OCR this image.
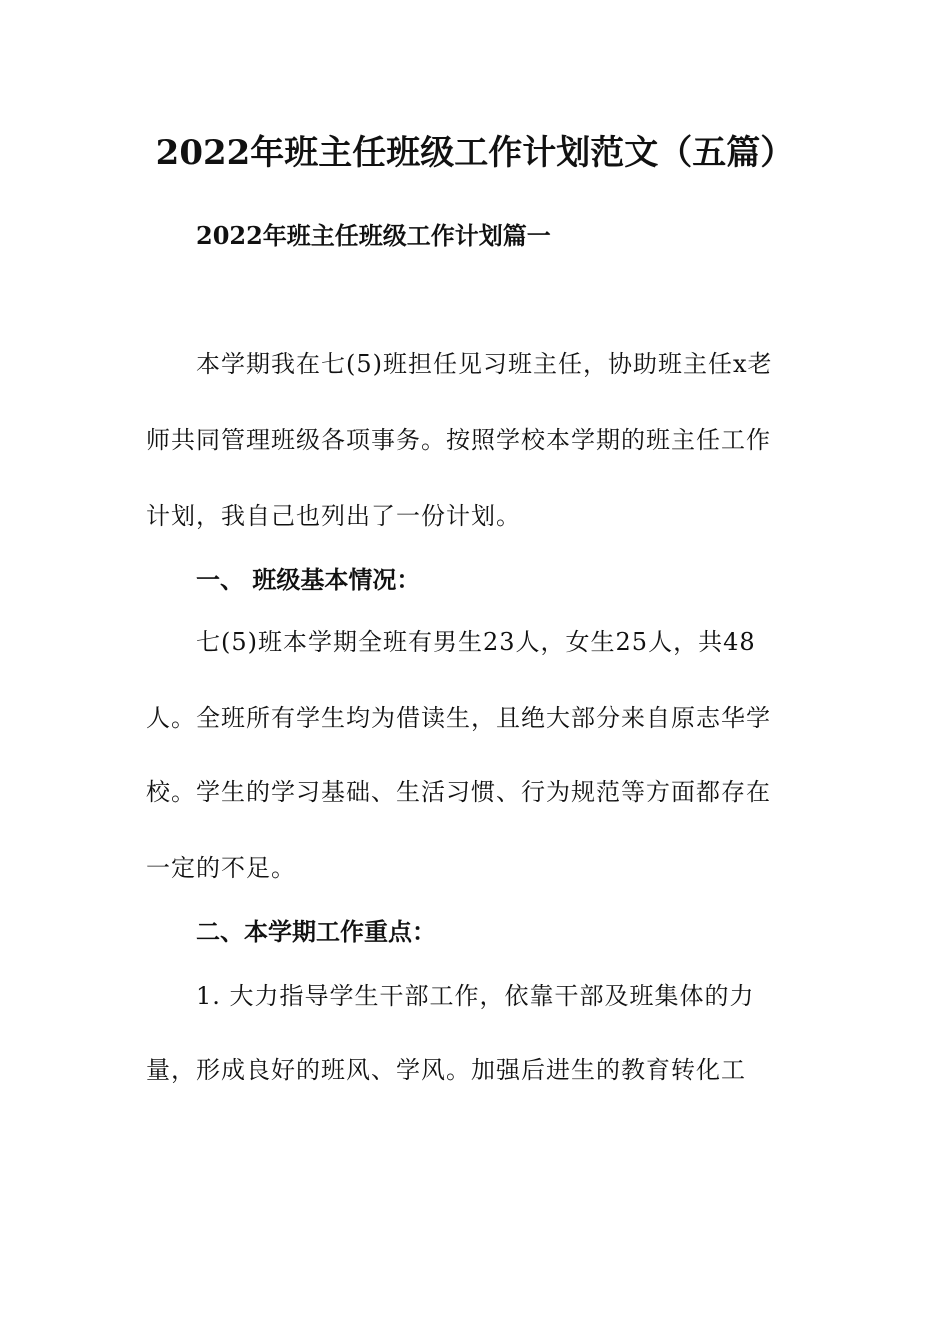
2022年班主任班级工作计划范文（五篇）
2022年班主任班级工作计划篇一
本学期我在七(5)班担任见习班主任，协助班主任x老
师共同管理班级各项事务。按照学校本学期的班主任工作
计划，我自己也列出了一份计划。
一、 班级基本情况：
七(5)班本学期全班有男生23人，女生25人，共48
人。全班所有学生均为借读生，且绝大部分来自原志华学
校。学生的学习基础、生活习惯、行为规范等方面都存在
一定的不足。
二、本学期工作重点：
1. 大力指导学生干部工作，依靠干部及班集体的力
量，形成良好的班风、学风。加强后进生的教育转化工
